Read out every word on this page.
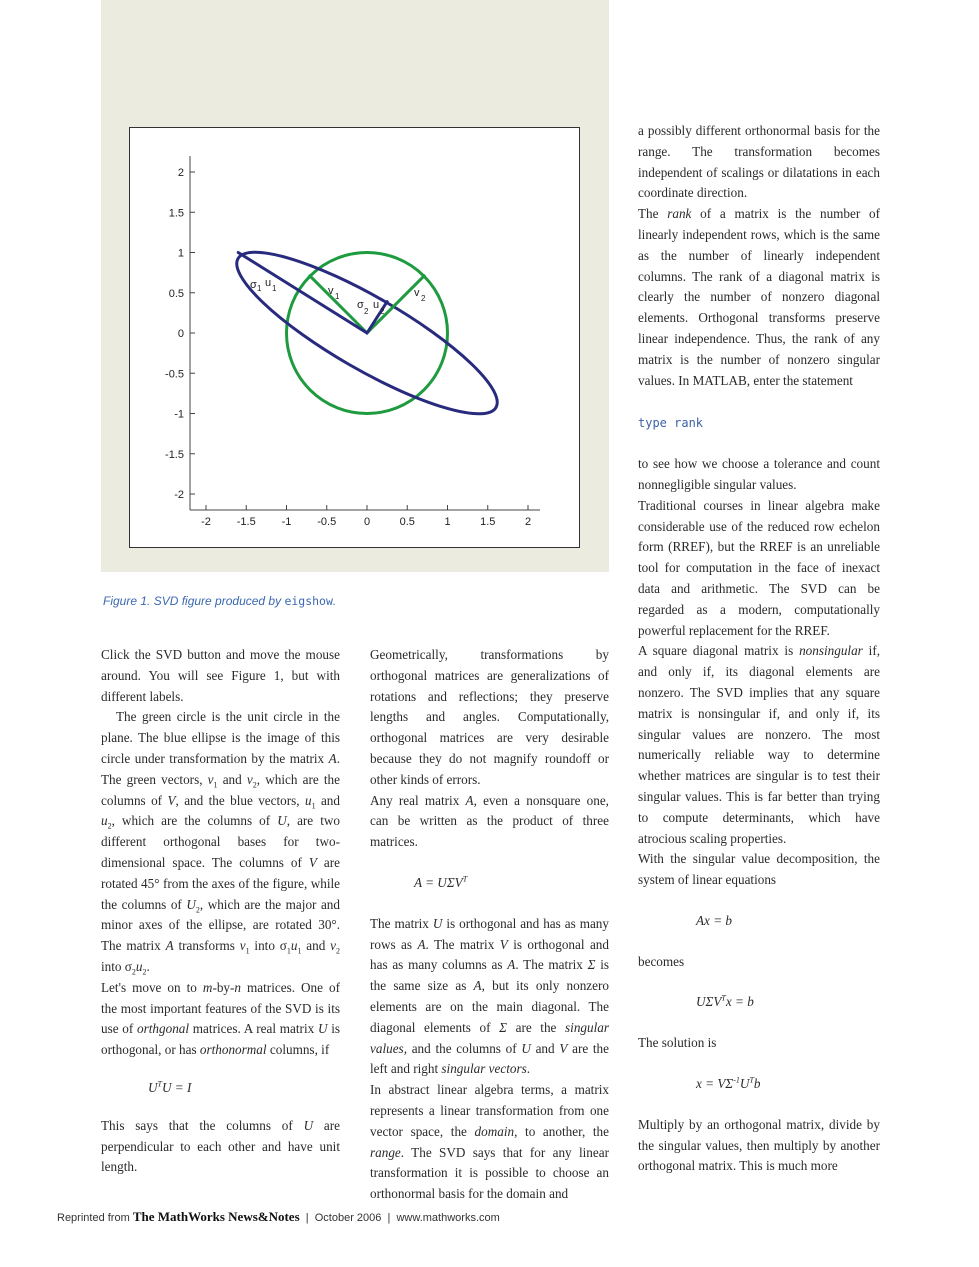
-2
-1.5
-1
-0.5
0
0.5
1
1.5
2
-2 -1.5 -1 -0.5	0	0.5	1	1.5	2
σ 1 u 1	v 1
σ
2
u
2
v 2
Figure 1. SVD figure produced by eigshow.

Click the SVD button and move the mouse around. You will see Figure 1, but with different labels.

The green circle is the unit circle in the plane. The blue ellipse is the image of this circle under transformation by the matrix A. The green vectors, $v_1$ and $v_2$, which are the columns of V, and the blue vectors, $u_1$ and $u_2$, which are the columns of U, are two different orthogonal bases for two-dimensional space. The columns of V are rotated 45° from the axes of the figure, while the columns of $U_2$, which are the major and minor axes of the ellipse, are rotated 30°. The matrix A transforms $v_1$ into $\sigma_1u_1$ and $v_2$ into $\sigma_2u_2$.

Let's move on to m-by-n matrices. One of the most important features of the SVD is its use of orthgonal matrices. A real matrix U is orthogonal, or has orthonormal columns, if

$U^TU = I$

This says that the columns of U are perpendicular to each other and have unit length.

Geometrically, transformations by orthogonal matrices are generalizations of rotations and reflections; they preserve lengths and angles. Computationally, orthogonal matrices are very desirable because they do not magnify roundoff or other kinds of errors.

Any real matrix A, even a nonsquare one, can be written as the product of three matrices.

$A = U\Sigma V^T$

The matrix U is orthogonal and has as many rows as A. The matrix V is orthogonal and has as many columns as A. The matrix Σ is the same size as A, but its only nonzero elements are on the main diagonal. The diagonal elements of Σ are the singular values, and the columns of U and V are the left and right singular vectors.

In abstract linear algebra terms, a matrix represents a linear transformation from one vector space, the domain, to another, the range. The SVD says that for any linear transformation it is possible to choose an orthonormal basis for the domain and

a possibly different orthonormal basis for the range. The transformation becomes independent of scalings or dilatations in each coordinate direction.

The rank of a matrix is the number of linearly independent rows, which is the same as the number of linearly independent columns. The rank of a diagonal matrix is clearly the number of nonzero diagonal elements. Orthogonal transforms preserve linear independence. Thus, the rank of any matrix is the number of nonzero singular values. In MATLAB, enter the statement

type rank

to see how we choose a tolerance and count nonnegligible singular values.

Traditional courses in linear algebra make considerable use of the reduced row echelon form (RREF), but the RREF is an unreliable tool for computation in the face of inexact data and arithmetic. The SVD can be regarded as a modern, computationally powerful replacement for the RREF.

A square diagonal matrix is nonsingular if, and only if, its diagonal elements are nonzero. The SVD implies that any square matrix is nonsingular if, and only if, its singular values are nonzero. The most numerically reliable way to determine whether matrices are singular is to test their singular values. This is far better than trying to compute determinants, which have atrocious scaling properties.

With the singular value decomposition, the system of linear equations

Ax = b

becomes

$U\Sigma V^Tx = b$

The solution is

$x = V\Sigma^{-1}U^Tb$

Multiply by an orthogonal matrix, divide by the singular values, then multiply by another orthogonal matrix. This is much more

Reprinted from The MathWorks News&Notes  |  October 2006  |  www.mathworks.com
